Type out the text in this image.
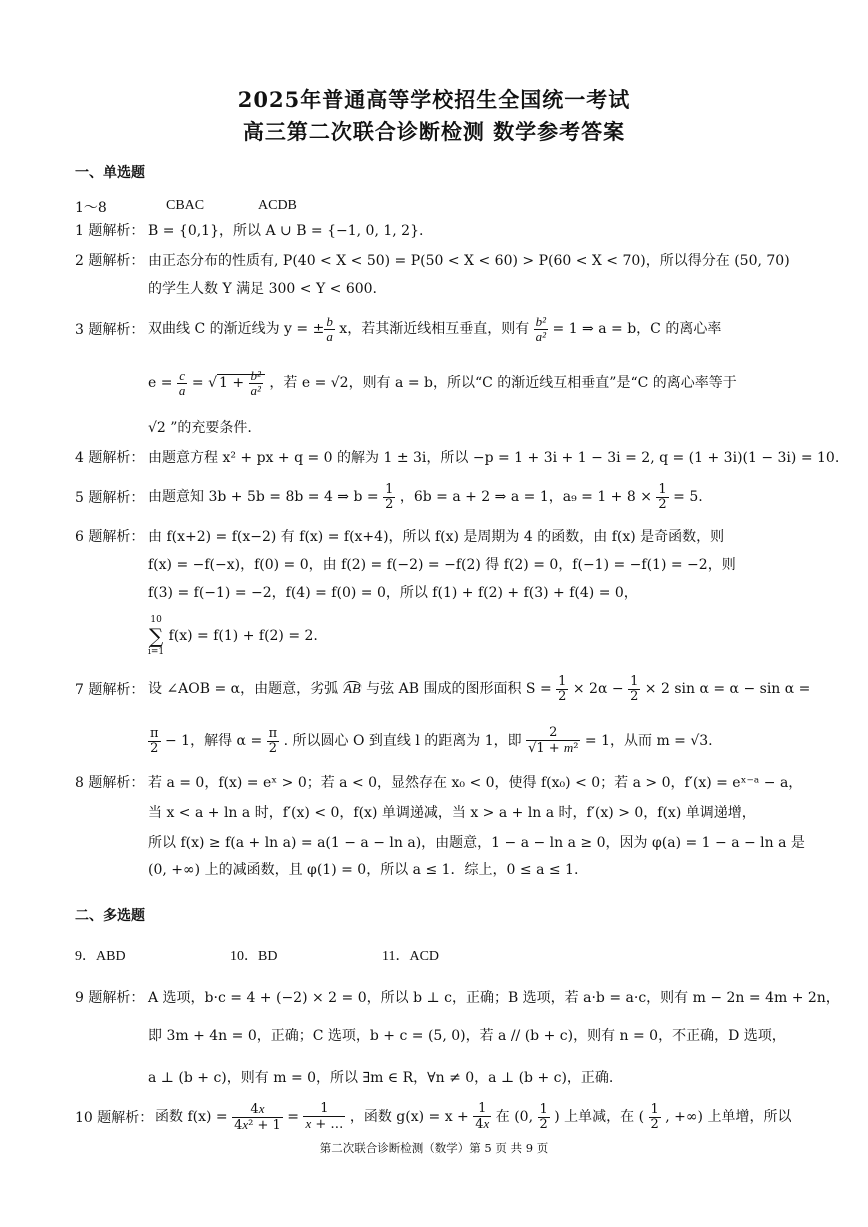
2025年普通高等学校招生全国统一考试
高三第二次联合诊断检测 数学参考答案
一、单选题
1～8	CBAC	ACDB
1 题解析： B = {0,1}，所以 A ∪ B = {−1, 0, 1, 2}.
2 题解析： 由正态分布的性质有, P(40 < X < 50) = P(50 < X < 60) > P(60 < X < 70)，所以得分在 (50, 70)
的学生人数 Y 满足 300 < Y < 600.
3 题解析： 双曲线 C 的渐近线为 y = ± $\frac{b}{a}$ x，若其渐近线相互垂直，则有 $\frac{\text{b²}}{\text{a²}} = 1$ ⇒ a = b，C 的离心率
$e = \frac{c}{a}$ = √ $1 + \frac{\text{b²}}{\text{a²}}$ ，若 e = √2，则有 a = b，所以“C 的渐近线互相垂直”是“C 的离心率等于
√2 ”的充要条件.
4 题解析： 由题意方程 x² + px + q = 0 的解为 1 ± 3i，所以 −p = 1 + 3i + 1 − 3i = 2, q = (1 + 3i)(1 − 3i) = 10.
5 题解析： 由题意知 3b + 5b = 8b = 4 ⇒ $b = \frac{1}{2}$ ，6b = a + 2 ⇒ a = 1，$a_9 = 1 + 8 \times \frac{1}{2} = 5$.
6 题解析： 由 f(x+2) = f(x−2) 有 f(x) = f(x+4)，所以 f(x) 是周期为 4 的函数，由 f(x) 是奇函数，则
f(x) = −f(−x)，f(0) = 0，由 f(2) = f(−2) = −f(2) 得 f(2) = 0，f(−1) = −f(1) = −2，则
f(3) = f(−1) = −2，f(4) = f(0) = 0，所以 f(1) + f(2) + f(3) + f(4) = 0，
10
∑
i=1
f(x) = f(1) + f(2) = 2.
7 题解析： 设 ∠AOB = α，由题意，劣弧 AB 与弦 AB 围成的图形面积 $S = \frac{1}{2} \times 2\alpha - \frac{1}{2} \times 2$ sin α = α − sin α =
$\frac{\pi}{2} - 1$，解得 $\alpha = \frac{\pi}{2}$ . 所以圆心 O 到直线 l 的距离为 1，即 $\frac{2}{\text{√1 + m²}} = 1$，从而 m = √3.
8 题解析： 若 a = 0，f(x) = eˣ > 0；若 a < 0，显然存在 x₀ < 0，使得 f(x₀) < 0；若 a > 0，f′(x) = eˣ⁻ᵃ − a，
当 x < a + ln a 时，f′(x) < 0，f(x) 单调递减，当 x > a + ln a 时，f′(x) > 0，f(x) 单调递增，
所以 f(x) ≥ f(a + ln a) = a(1 − a − ln a)，由题意，1 − a − ln a ≥ 0，因为 φ(a) = 1 − a − ln a 是
(0, +∞) 上的减函数，且 φ(1) = 0，所以 a ≤ 1．综上，0 ≤ a ≤ 1.
二、多选题
9．ABD	10．BD	11．ACD
9 题解析： A 选项，b·c = 4 + (−2) × 2 = 0，所以 b ⊥ c，正确；B 选项，若 a·b = a·c，则有 m − 2n = 4m + 2n，
即 3m + 4n = 0，正确；C 选项，b + c = (5, 0)，若 a // (b + c)，则有 n = 0，不正确，D 选项，
a ⊥ (b + c)，则有 m = 0，所以 ∃m ∈ R，∀n ≠ 0，a ⊥ (b + c)，正确.
10 题解析： 函数 $f(x) = \frac{4x}{\text{4x² + 1}} = \frac{1}{x + \dots}$ ，函数 $g(x) = x + \frac{1}{4x}$ 在 (0, $\frac{1}{2}$ ) 上单减，在 ( $\frac{1}{2}$ , +∞) 上单增，所以
第二次联合诊断检测（数学）第 5 页 共 9 页
